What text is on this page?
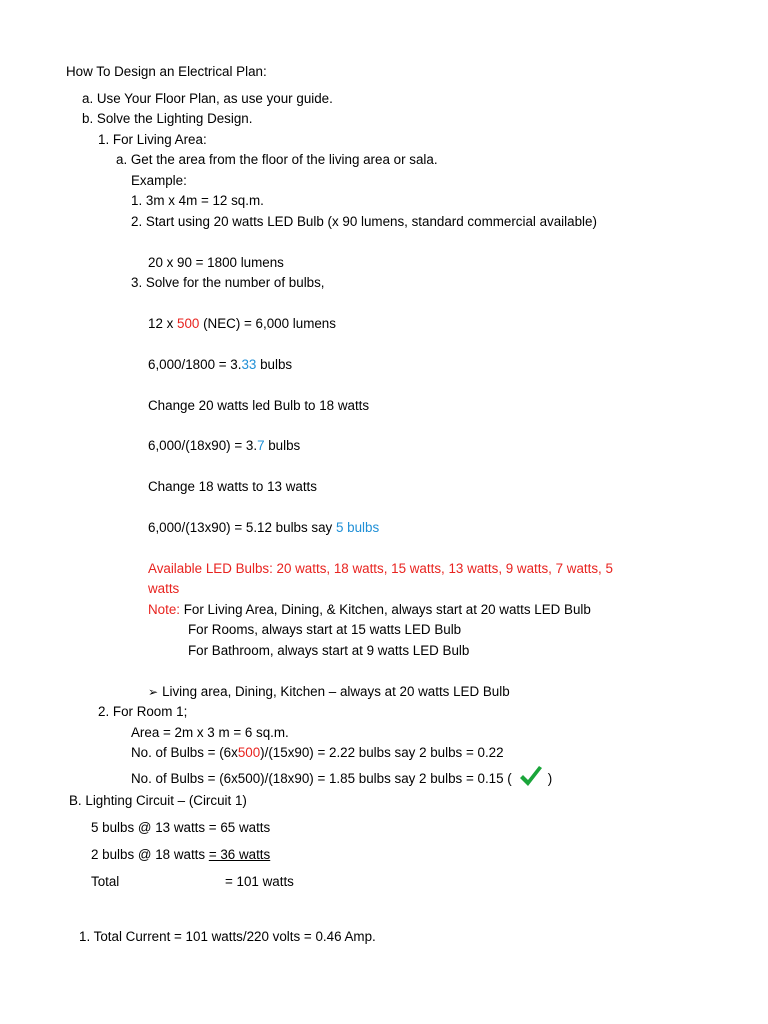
How To Design an Electrical Plan:
a. Use Your Floor Plan, as use your guide.
b. Solve the Lighting Design.
1. For Living Area:
a. Get the area from the floor of the living area or sala.
Example:
1. 3m x 4m = 12 sq.m.
2. Start using 20 watts LED Bulb (x 90 lumens, standard commercial available)
20 x 90 = 1800 lumens
3. Solve for the number of bulbs,
12 x 500 (NEC) = 6,000 lumens
6,000/1800 = 3.33 bulbs
Change 20 watts led Bulb to 18 watts
6,000/(18x90) = 3.7 bulbs
Change 18 watts to 13 watts
6,000/(13x90) = 5.12 bulbs say 5 bulbs
Available LED Bulbs: 20 watts, 18 watts, 15 watts, 13 watts, 9 watts, 7 watts, 5
watts
Note: For Living Area, Dining, & Kitchen, always start at 20 watts LED Bulb
For Rooms, always start at 15 watts LED Bulb
For Bathroom, always start at 9 watts LED Bulb
➢ Living area, Dining, Kitchen – always at 20 watts LED Bulb
2. For Room 1;
Area = 2m x 3 m = 6 sq.m.
No. of Bulbs = (6x500)/(15x90) = 2.22 bulbs say 2 bulbs = 0.22
No. of Bulbs = (6x500)/(18x90) = 1.85 bulbs say 2 bulbs = 0.15 (	)
B. Lighting Circuit – (Circuit 1)
5 bulbs @ 13 watts = 65 watts
2 bulbs @ 18 watts = 36 watts
Total	= 101 watts
1. Total Current = 101 watts/220 volts = 0.46 Amp.
